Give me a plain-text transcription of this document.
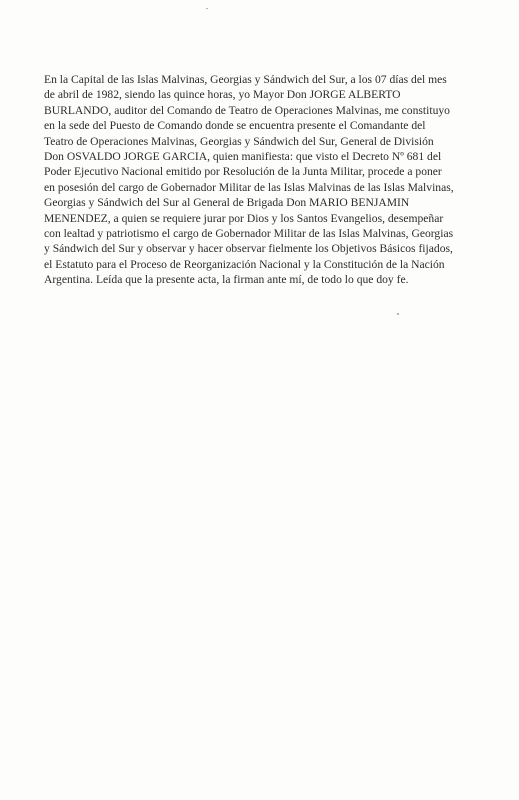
En la Capital de las Islas Malvinas, Georgias y Sándwich del Sur, a los 07 días del mes
de abril de 1982, siendo las quince horas, yo Mayor Don JORGE ALBERTO
BURLANDO, auditor del Comando de Teatro de Operaciones Malvinas, me constituyo
en la sede del Puesto de Comando donde se encuentra presente el Comandante del
Teatro de Operaciones Malvinas, Georgias y Sándwich del Sur, General de División
Don OSVALDO JORGE GARCIA, quien manifiesta: que visto el Decreto Nº 681 del
Poder Ejecutivo Nacional emitido por Resolución de la Junta Militar, procede a poner
en posesión del cargo de Gobernador Militar de las Islas Malvinas de las Islas Malvinas,
Georgias y Sándwich del Sur al General de Brigada Don MARIO BENJAMIN
MENENDEZ, a quien se requiere jurar por Dios y los Santos Evangelios, desempeñar
con lealtad y patriotismo el cargo de Gobernador Militar de las Islas Malvinas, Georgias
y Sándwich del Sur y observar y hacer observar fielmente los Objetivos Básicos fijados,
el Estatuto para el Proceso de Reorganización Nacional y la Constitución de la Nación
Argentina. Leída que la presente acta, la firman ante mí, de todo lo que doy fe.
